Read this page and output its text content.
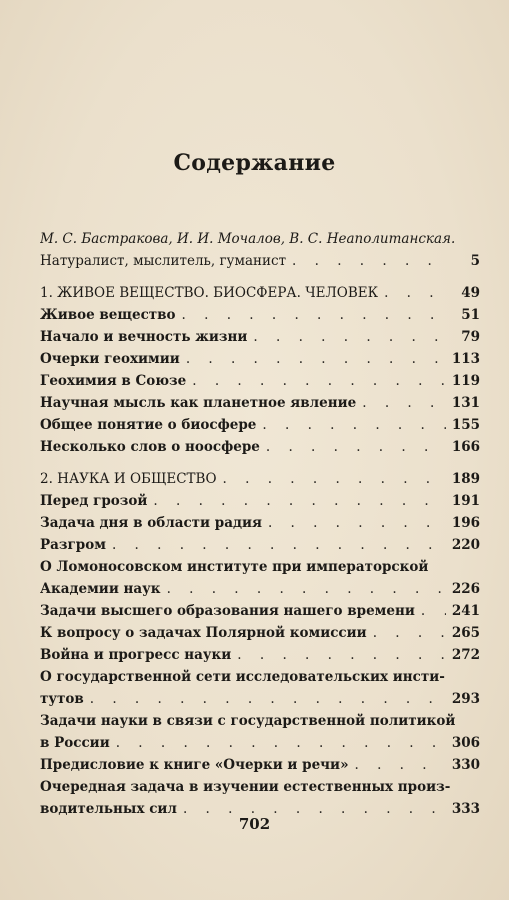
Содержание
М. С. Бастракова, И. И. Мочалов, В. С. Неаполитанская.
Натуралист, мыслитель, гуманист . . .	5
1. ЖИВОЕ ВЕЩЕСТВО. БИОСФЕРА. ЧЕЛОВЕК . . .	49
Живое вещество . . .	51
Начало и вечность жизни . . .	79
Очерки геохимии . . .	113
Геохимия в Союзе . . .	119
Научная мысль как планетное явление . . .	131
Общее понятие о биосфере . . .	155
Несколько слов о ноосфере . . .	166
2. НАУКА И ОБЩЕСТВО . . .	189
Перед грозой . . .	191
Задача дня в области радия . . .	196
Разгром . . .	220
О Ломоносовском институте при императорской
Академии наук . . .	226
Задачи высшего образования нашего времени . . .	241
К вопросу о задачах Полярной комиссии . . .	265
Война и прогресс науки . . .	272
О государственной сети исследовательских инсти-
тутов . . .	293
Задачи науки в связи с государственной политикой
в России . . .	306
Предисловие к книге «Очерки и речи» . . .	330
Очередная задача в изучении естественных произ-
водительных сил . . .	333
702
